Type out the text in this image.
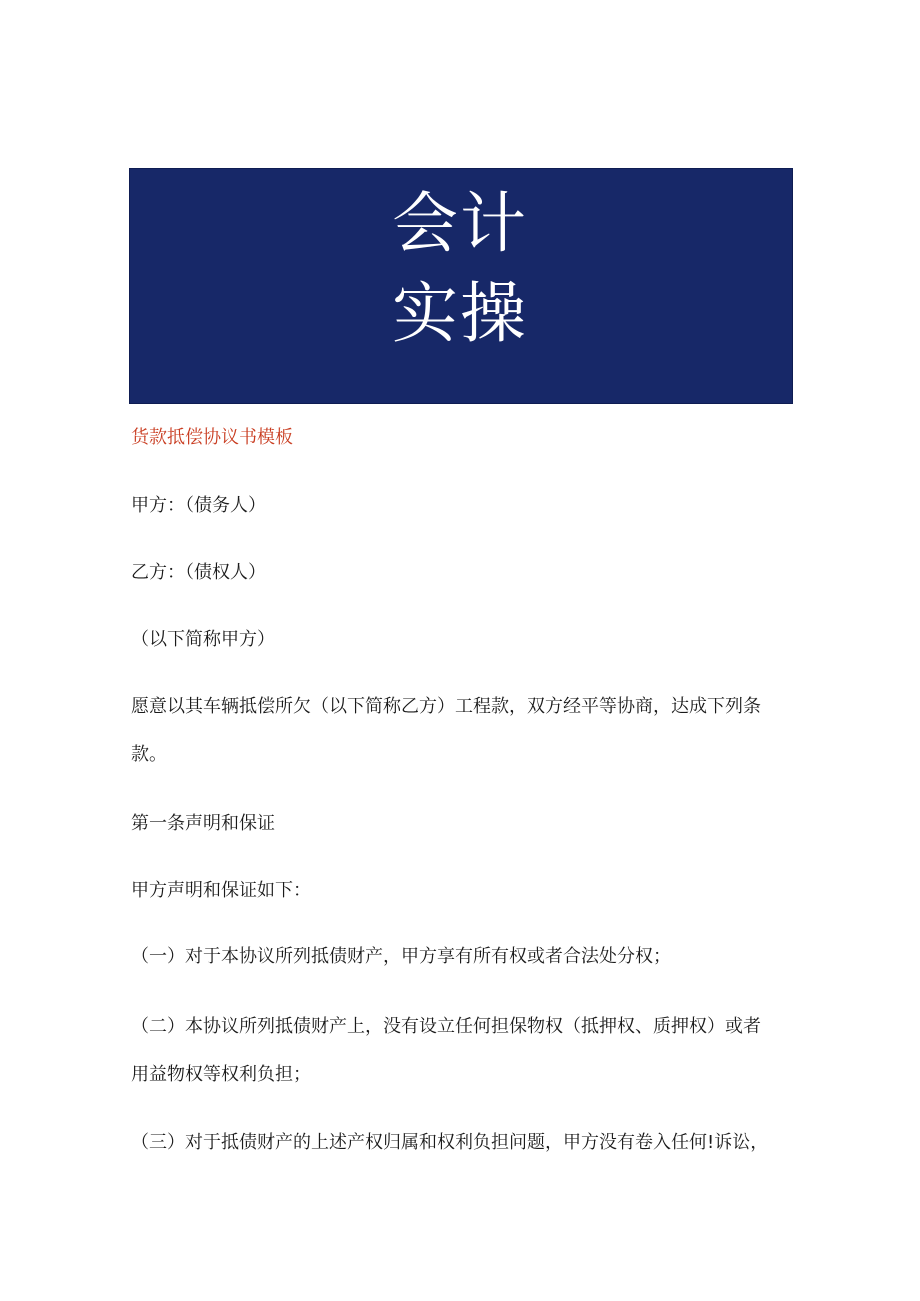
会计
实操
货款抵偿协议书模板
甲方：（债务人）
乙方：（债权人）
（以下简称甲方）
愿意以其车辆抵偿所欠（以下简称乙方）工程款，双方经平等协商，达成下列条
款。
第一条声明和保证
甲方声明和保证如下：
（一）对于本协议所列抵债财产，甲方享有所有权或者合法处分权；
（二）本协议所列抵债财产上，没有设立任何担保物权（抵押权、质押权）或者
用益物权等权利负担；
（三）对于抵债财产的上述产权归属和权利负担问题，甲方没有卷入任何!诉讼，
